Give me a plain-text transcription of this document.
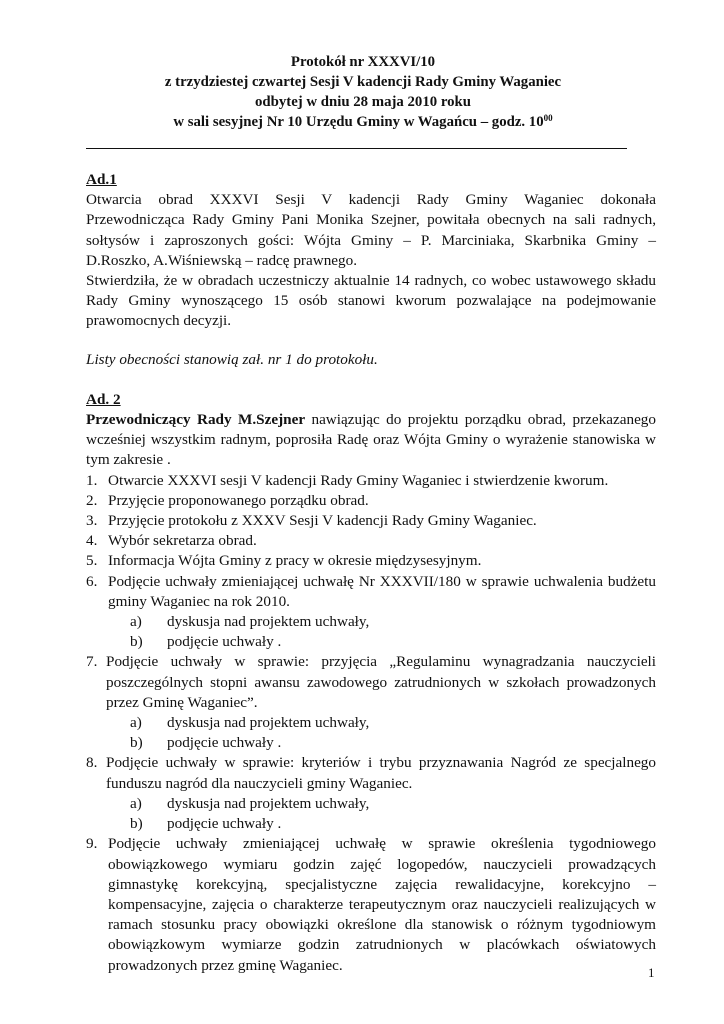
Protokół nr XXXVI/10
z trzydziestej czwartej Sesji V kadencji Rady Gminy Waganiec
odbytej w dniu 28 maja 2010 roku
w sali sesyjnej Nr 10 Urzędu Gminy w Wagańcu – godz. $10^{00}$
Ad.1
Otwarcia obrad XXXVI Sesji V kadencji Rady Gminy Waganiec dokonała
Przewodnicząca Rady Gminy Pani Monika Szejner, powitała obecnych na sali radnych,
sołtysów i zaproszonych gości: Wójta Gminy – P. Marciniaka, Skarbnika Gminy –
D.Roszko, A.Wiśniewską – radcę prawnego.

Stwierdziła, że w obradach uczestniczy aktualnie 14 radnych, co wobec ustawowego składu Rady Gminy wynoszącego 15 osób stanowi kworum pozwalające na podejmowanie prawomocnych decyzji.

Listy obecności stanowią zał. nr 1 do protokołu.
Ad. 2

Przewodniczący Rady M.Szejner nawiązując do projektu porządku obrad, przekazanego wcześniej wszystkim radnym, poprosiła Radę oraz Wójta Gminy o wyrażenie stanowiska w tym zakresie .

1. Otwarcie XXXVI sesji V kadencji Rady Gminy Waganiec i stwierdzenie kworum.
2. Przyjęcie proponowanego porządku obrad.
3. Przyjęcie protokołu z XXXV Sesji V kadencji Rady Gminy Waganiec.
4. Wybór sekretarza obrad.
5. Informacja Wójta Gminy z pracy w okresie międzysesyjnym.
6. Podjęcie uchwały zmieniającej uchwałę Nr XXXVII/180 w sprawie uchwalenia budżetu gminy Waganiec na rok 2010.
a)	dyskusja nad projektem uchwały,
b)	podjęcie uchwały .
7. Podjęcie uchwały w sprawie: przyjęcia „Regulaminu wynagradzania nauczycieli poszczególnych stopni awansu zawodowego zatrudnionych w szkołach prowadzonych przez Gminę Waganiec”.
a)	dyskusja nad projektem uchwały,
b)	podjęcie uchwały .
8. Podjęcie uchwały w sprawie: kryteriów i trybu przyznawania Nagród ze specjalnego funduszu nagród dla nauczycieli gminy Waganiec.
a)	dyskusja nad projektem uchwały,
b)	podjęcie uchwały .
9. Podjęcie uchwały zmieniającej uchwałę w sprawie określenia tygodniowego obowiązkowego wymiaru godzin zajęć logopedów, nauczycieli prowadzących gimnastykę korekcyjną, specjalistyczne zajęcia rewalidacyjne, korekcyjno – kompensacyjne, zajęcia o charakterze terapeutycznym oraz nauczycieli realizujących w ramach stosunku pracy obowiązki określone dla stanowisk o różnym tygodniowym obowiązkowym wymiarze godzin zatrudnionych w placówkach oświatowych prowadzonych przez gminę Waganiec.	1
